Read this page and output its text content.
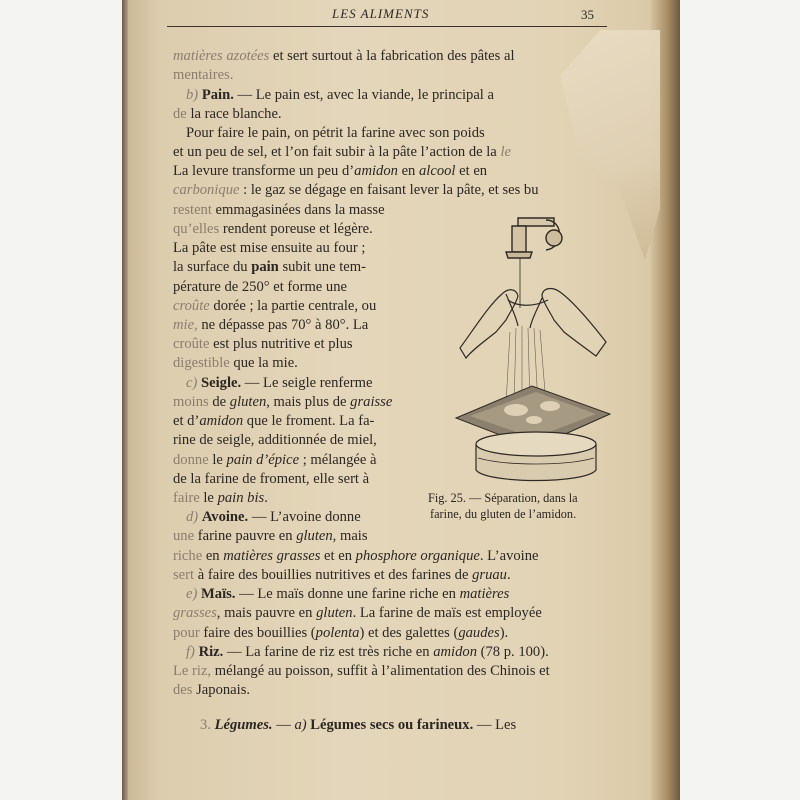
LES ALIMENTS	35
matières azotées et sert surtout à la fabrication des pâtes al
mentaires.
b) Pain. — Le pain est, avec la viande, le principal a
de la race blanche.
Pour faire le pain, on pétrit la farine avec son poids
et un peu de sel, et l’on fait subir à la pâte l’action de la le
La levure transforme un peu d’amidon en alcool et en
carbonique : le gaz se dégage en faisant lever la pâte, et ses bu
restent emmagasinées dans la masse
qu’elles rendent poreuse et légère.
La pâte est mise ensuite au four ;
la surface du pain subit une tem-
pérature de 250° et forme une
croûte dorée ; la partie centrale, ou
mie, ne dépasse pas 70° à 80°. La
croûte est plus nutritive et plus
digestible que la mie.
c) Seigle. — Le seigle renferme
moins de gluten, mais plus de graisse
et d’amidon que le froment. La fa-
rine de seigle, additionnée de miel,
donne le pain d’épice ; mélangée à
de la farine de froment, elle sert à
faire le pain bis.
d) Avoine. — L’avoine donne
une farine pauvre en gluten, mais
riche en matières grasses et en phosphore organique. L’avoine
sert à faire des bouillies nutritives et des farines de gruau.
e) Maïs. — Le maïs donne une farine riche en matières
grasses, mais pauvre en gluten. La farine de maïs est employée
pour faire des bouillies (polenta) et des galettes (gaudes).
f) Riz. — La farine de riz est très riche en amidon (78 p. 100).
Le riz, mélangé au poisson, suffit à l’alimentation des Chinois et
des Japonais.
3. Légumes. — a) Légumes secs ou farineux. — Les
Fig. 25. — Séparation, dans la
farine, du gluten de l’amidon.
